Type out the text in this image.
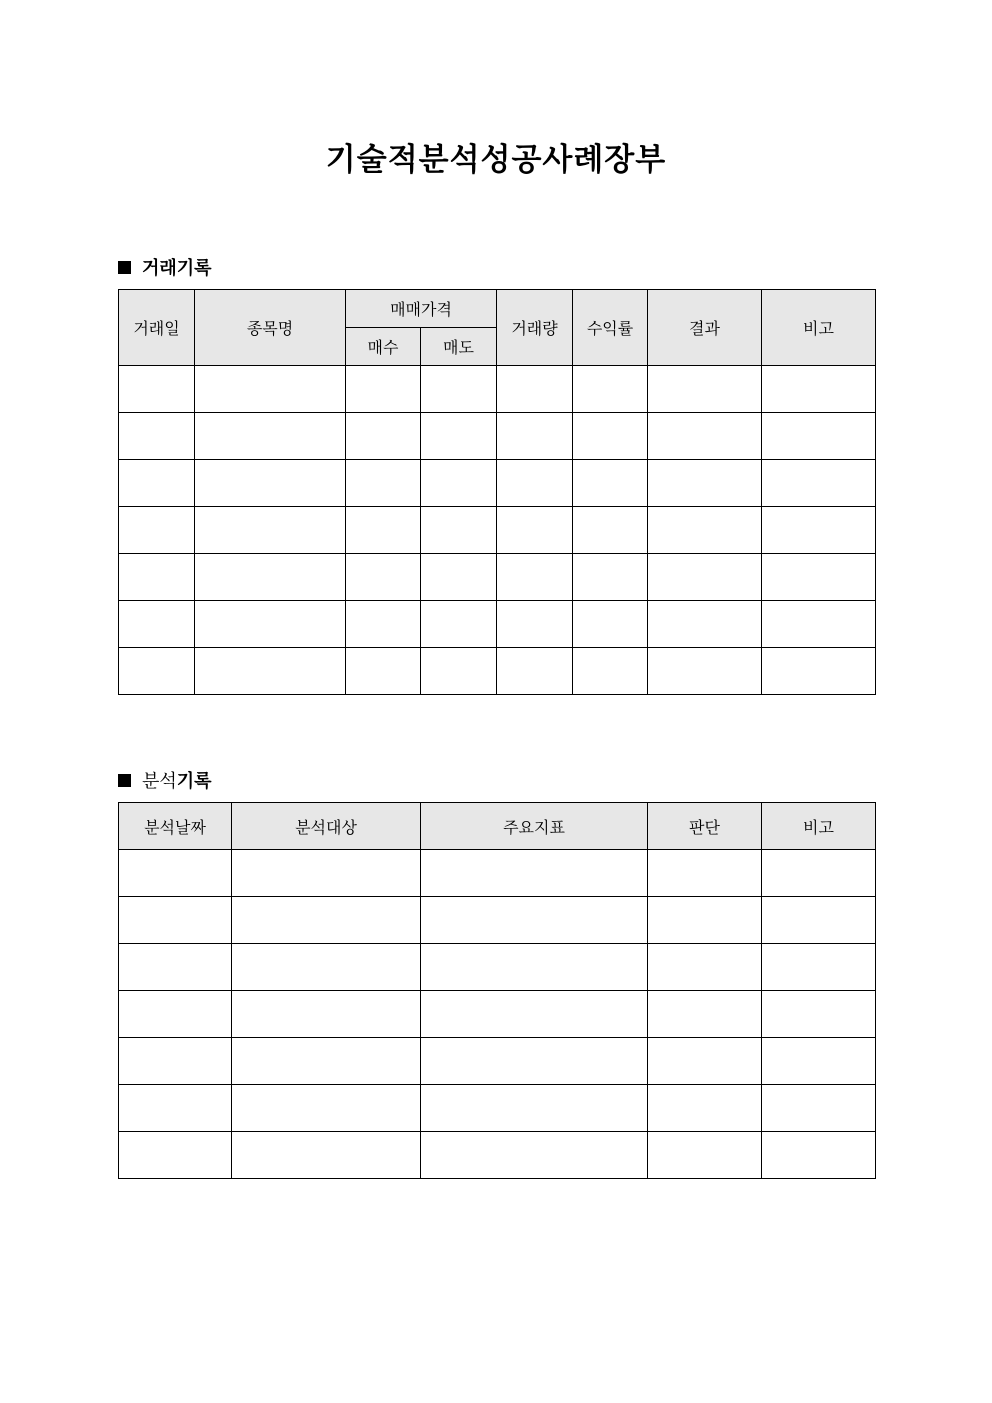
기술적분석성공사례장부
거래기록
거래일	종목명	매매가격		거래량	수익률	결과	비고
		매수	매도				

분석 기록
분석날짜	분석대상	주요지표	판단	비고
